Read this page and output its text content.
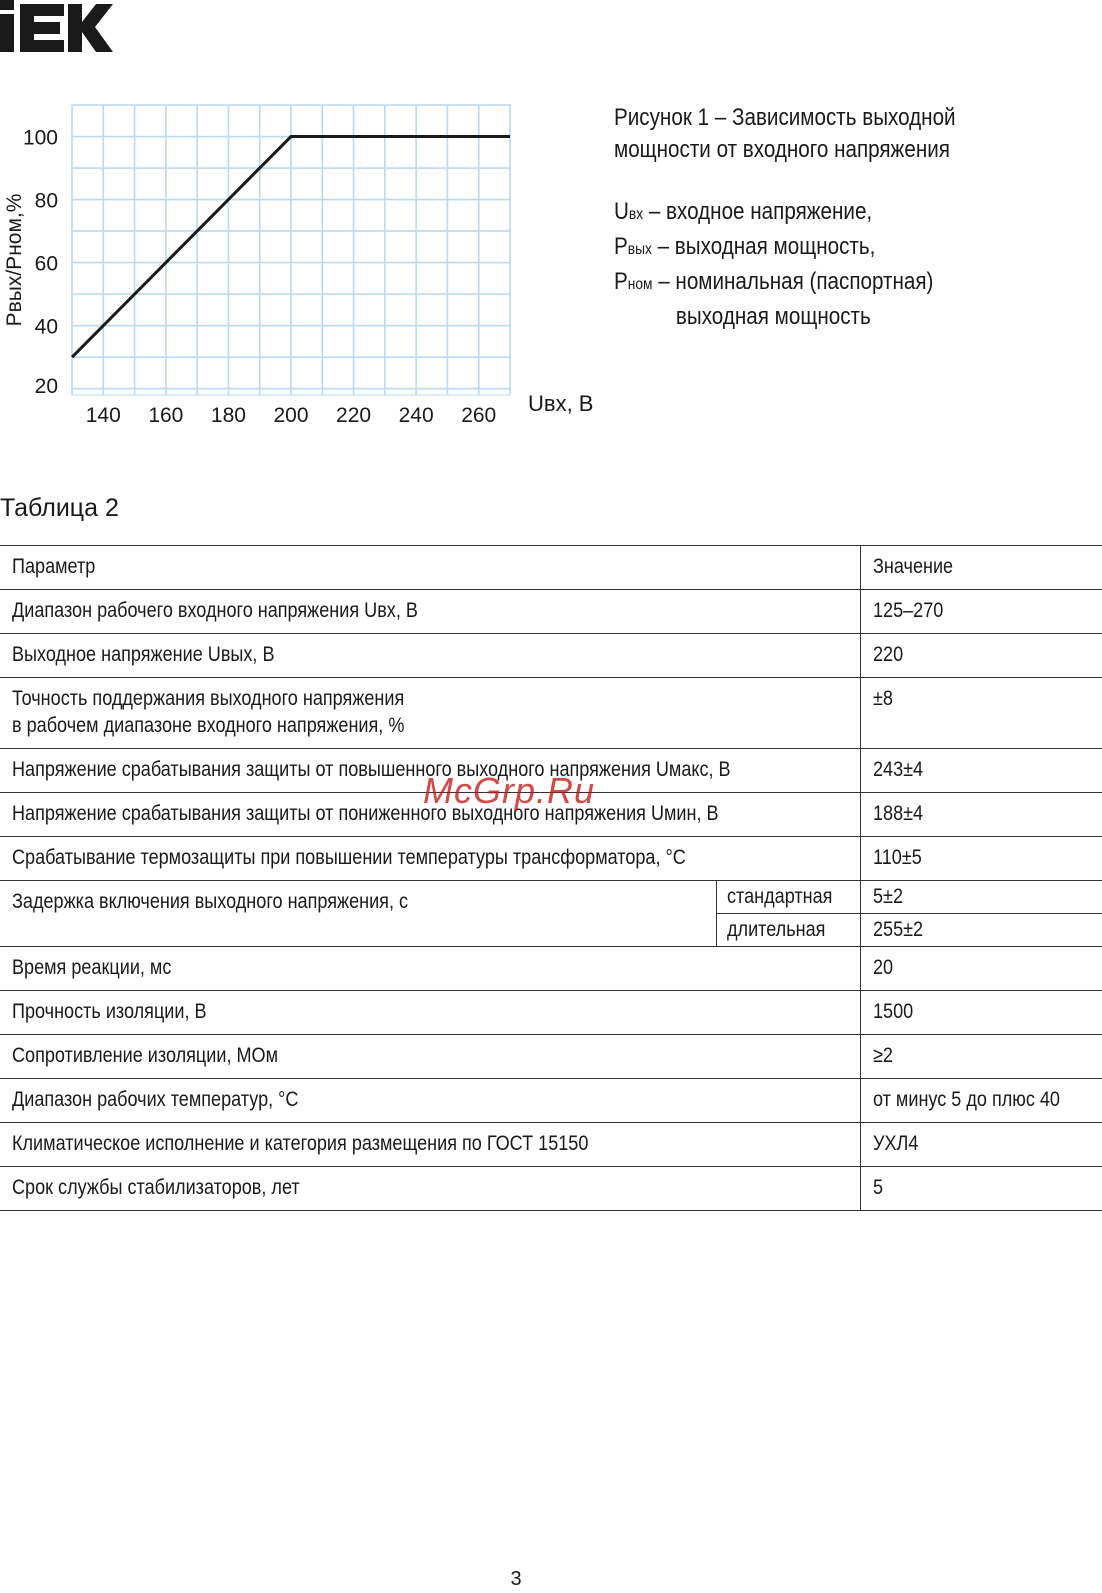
140 160 180 200 220 240 260
20
40
60
80
100
Pвых/Pном,%
Uвх, В
Рисунок 1 – Зависимость выходной
мощности от входного напряжения
Uвх – входное напряжение,
Pвых – выходная мощность,
Pном – номинальная (паспортная)
выходная мощность
Таблица 2
Параметр		Значение
Диапазон рабочего входного напряжения Uвх, В		125–270
Выходное напряжение Uвых, В		220
Точность поддержания выходного напряжения
в рабочем диапазоне входного напряжения, %		±8
Напряжение срабатывания защиты от повышенного выходного напряжения Uмакс, В		243±4
Напряжение срабатывания защиты от пониженного выходного напряжения Uмин, В		188±4
Срабатывание термозащиты при повышении температуры трансформатора, °С		110±5
Задержка включения выходного напряжения, с	стандартная	5±2
	длительная	255±2
Время реакции, мс		20
Прочность изоляции, В		1500
Сопротивление изоляции, МОм		≥2
Диапазон рабочих температур, °С		от минус 5 до плюс 40
Климатическое исполнение и категория размещения по ГОСТ 15150		УХЛ4
Срок службы стабилизаторов, лет		5
McGrp.Ru
3
